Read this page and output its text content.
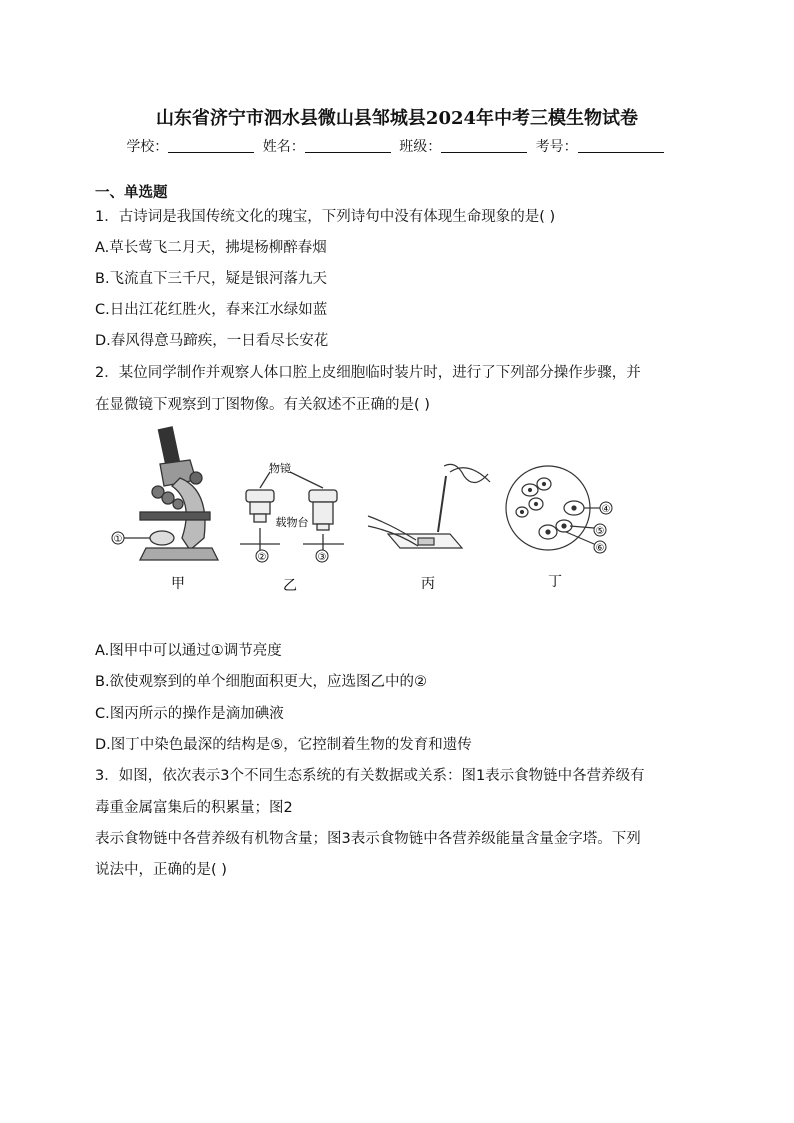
山东省济宁市泗水县微山县邹城县2024年中考三模生物试卷
学校：	姓名：	班级：	考号：
一、单选题
1．古诗词是我国传统文化的瑰宝，下列诗句中没有体现生命现象的是( )
A.草长莺飞二月天，拂堤杨柳醉春烟
B.飞流直下三千尺，疑是银河落九天
C.日出江花红胜火，春来江水绿如蓝
D.春风得意马蹄疾，一日看尽长安花
2．某位同学制作并观察人体口腔上皮细胞临时装片时，进行了下列部分操作步骤，并
在显微镜下观察到丁图物像。有关叙述不正确的是( )
①
物镜
载物台
②	③
④
⑤
⑥
甲	乙	丙	丁
A.图甲中可以通过①调节亮度
B.欲使观察到的单个细胞面积更大，应选图乙中的②
C.图丙所示的操作是滴加碘液
D.图丁中染色最深的结构是⑤，它控制着生物的发育和遗传
3．如图，依次表示3个不同生态系统的有关数据或关系：图1表示食物链中各营养级有
毒重金属富集后的积累量；图2
表示食物链中各营养级有机物含量；图3表示食物链中各营养级能量含量金字塔。下列
说法中，正确的是( )
